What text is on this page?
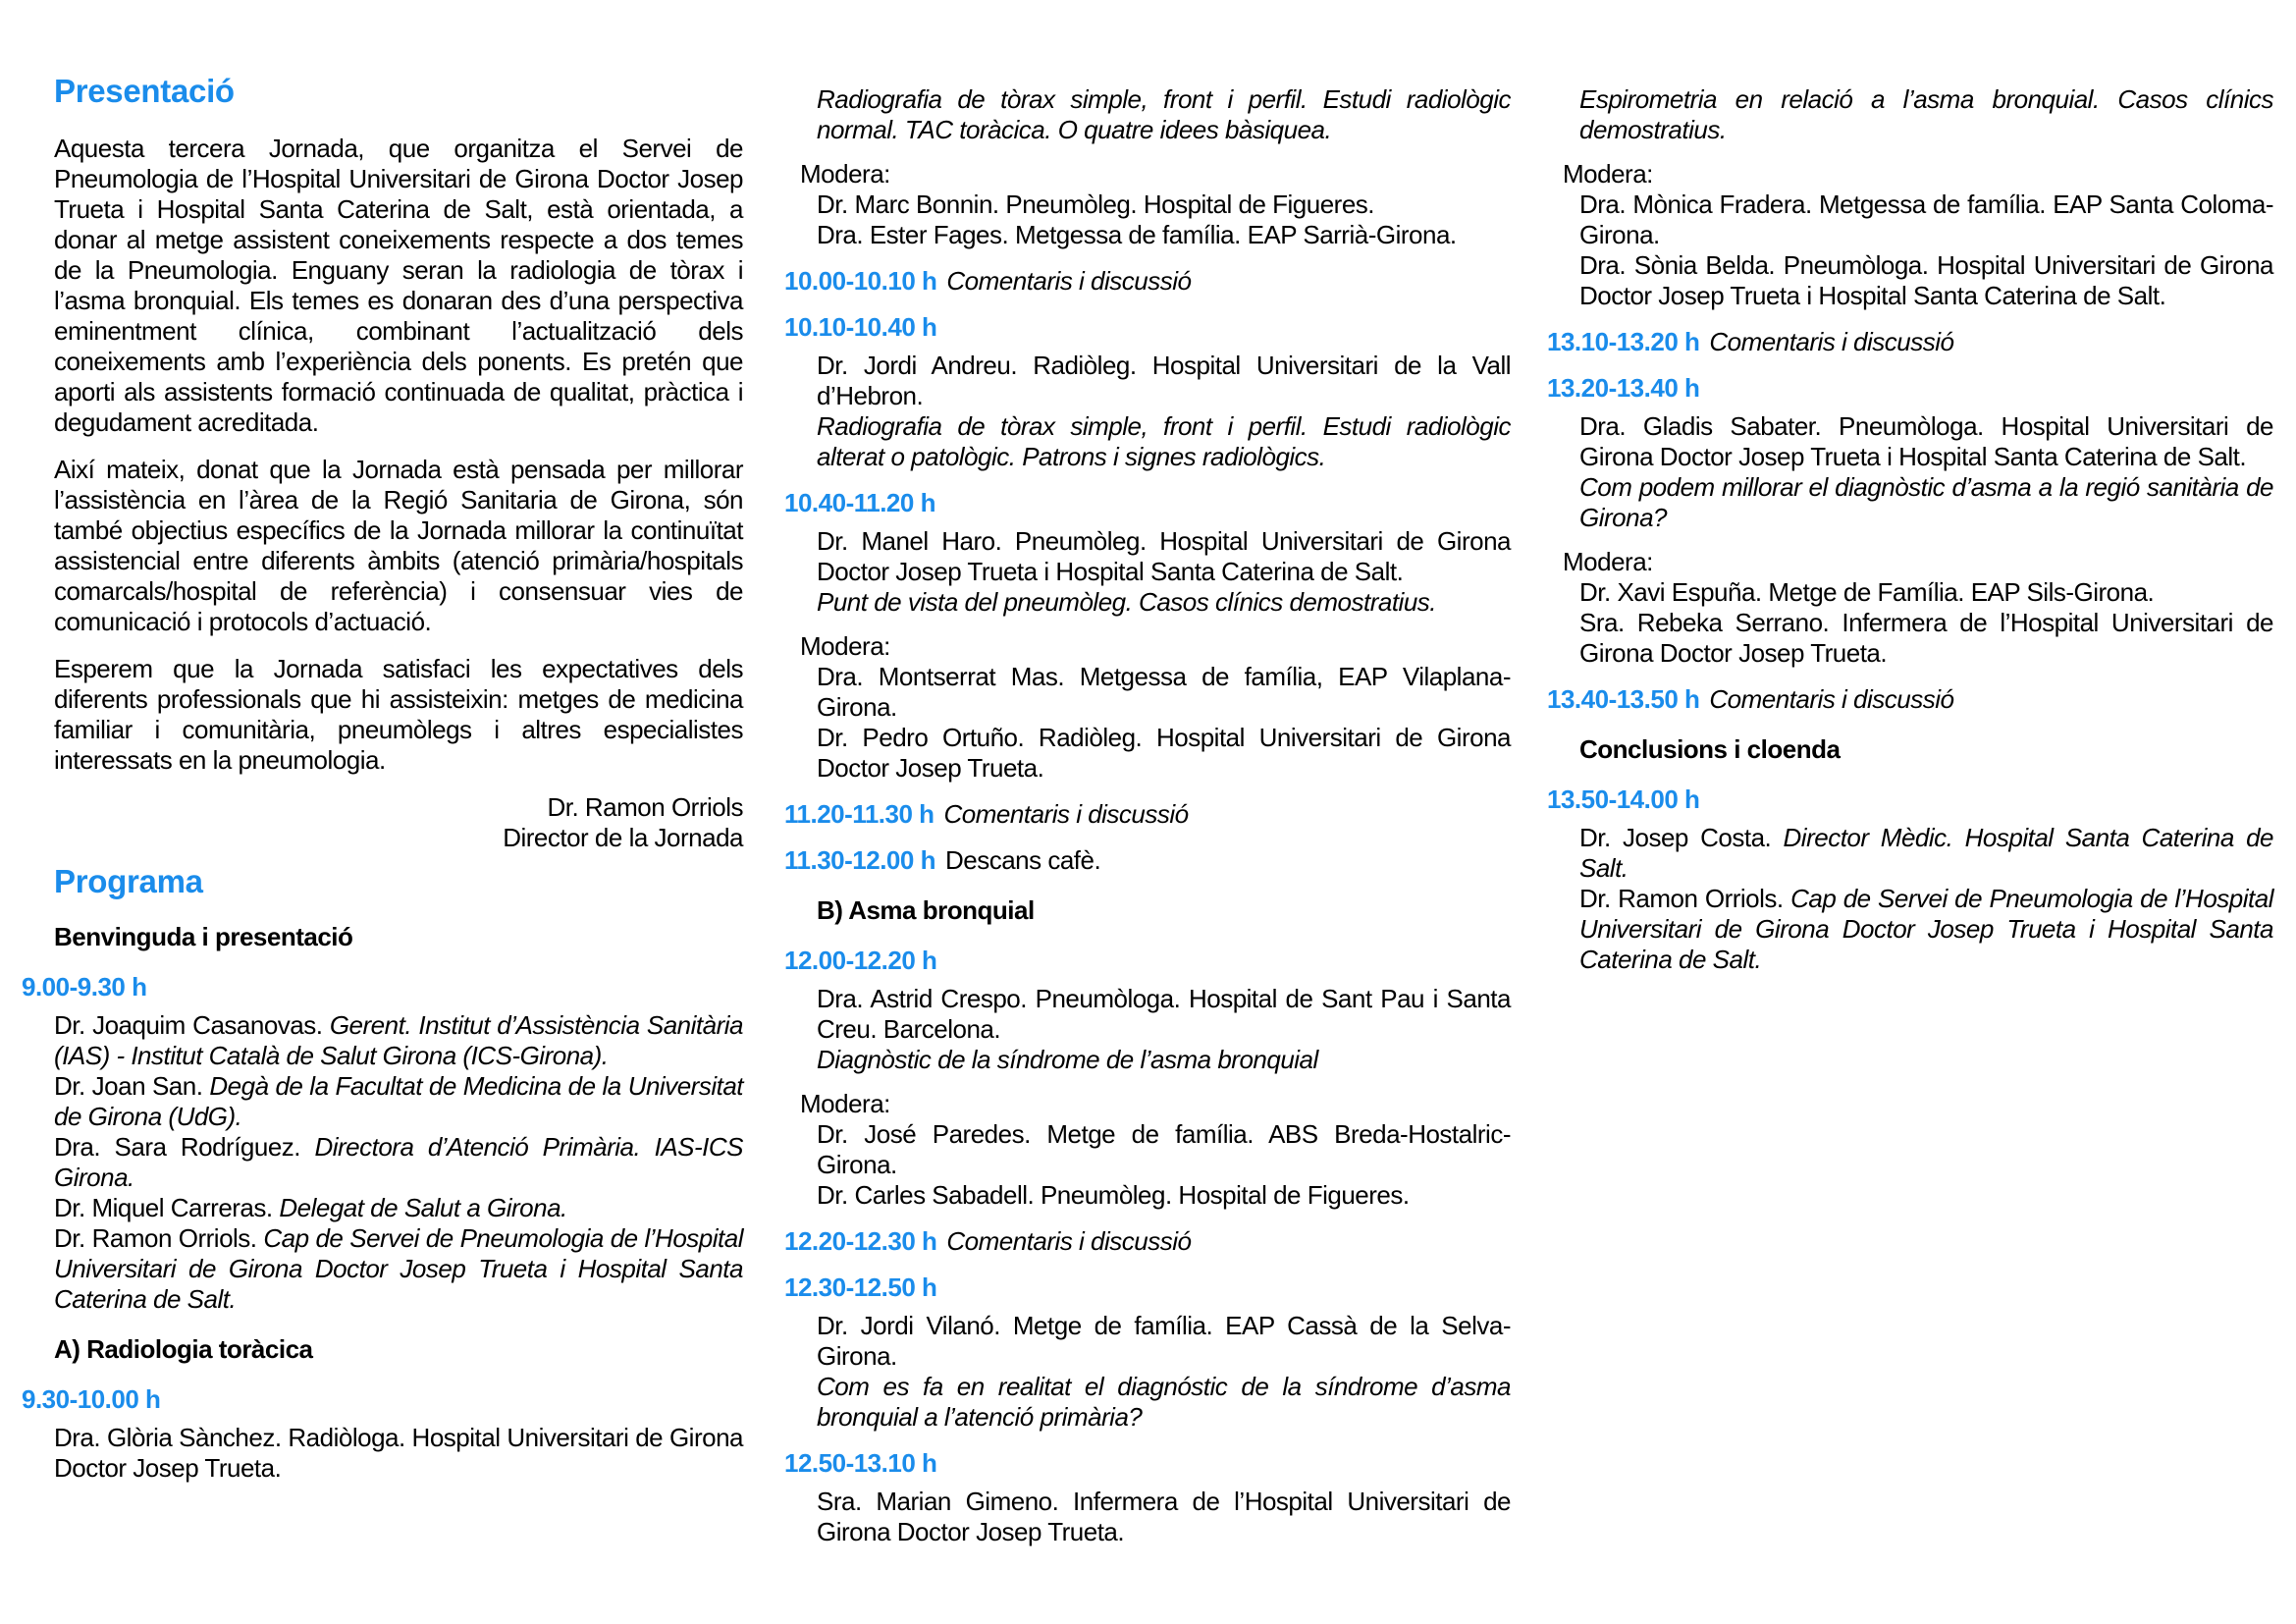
Presentació

Aquesta tercera Jornada, que organitza el Servei de Pneumologia de l’Hospital Universitari de Girona Doctor Josep Trueta i Hospital Santa Caterina de Salt, està orientada, a donar al metge assistent coneixements respecte a dos temes de la Pneumologia. Enguany seran la radiologia de tòrax i l’asma bronquial. Els temes es donaran des d’una perspectiva eminentment clínica, combinant l’actualització dels coneixements amb l’experiència dels ponents. Es pretén que aporti als assistents formació continuada de qualitat, pràctica i degudament acreditada.

Així mateix, donat que la Jornada està pensada per millorar l’assistència en l’àrea de la Regió Sanitaria de Girona, són també objectius específics de la Jornada millorar la continuïtat assistencial entre diferents àmbits (atenció primària/hospitals comarcals/hospital de referència) i consensuar vies de comunicació i protocols d’actuació.

Esperem que la Jornada satisfaci les expectatives dels diferents professionals que hi assisteixin: metges de medicina familiar i comunitària, pneumòlegs i altres especialistes interessats en la pneumologia.

Dr. Ramon Orriols
Director de la Jornada
Programa

Benvinguda i presentació

9.00-9.30 h

Dr. Joaquim Casanovas. Gerent. Institut d’Assistència Sanitària (IAS) - Institut Català de Salut Girona (ICS-Girona).

Dr. Joan San. Degà de la Facultat de Medicina de la Universitat de Girona (UdG).

Dra. Sara Rodríguez. Directora d’Atenció Primària. IAS-ICS Girona.

Dr. Miquel Carreras. Delegat de Salut a Girona.

Dr. Ramon Orriols. Cap de Servei de Pneumologia de l’Hospital Universitari de Girona Doctor Josep Trueta i Hospital Santa Caterina de Salt.

A) Radiologia toràcica

9.30-10.00 h

Dra. Glòria Sànchez. Radiòloga. Hospital Universitari de Girona Doctor Josep Trueta.

Radiografia de tòrax simple, front i perfil. Estudi radiològic normal. TAC toràcica. O quatre idees bàsiquea.

Modera:

Dr. Marc Bonnin. Pneumòleg. Hospital de Figueres.

Dra. Ester Fages. Metgessa de família. EAP Sarrià-Girona.

10.00-10.10 h Comentaris i discussió

10.10-10.40 h

Dr. Jordi Andreu. Radiòleg. Hospital Universitari de la Vall d’Hebron.

Radiografia de tòrax simple, front i perfil. Estudi radiològic alterat o patològic. Patrons i signes radiològics.

10.40-11.20 h

Dr. Manel Haro. Pneumòleg. Hospital Universitari de Girona Doctor Josep Trueta i Hospital Santa Caterina de Salt.

Punt de vista del pneumòleg. Casos clínics demostratius.

Modera:

Dra. Montserrat Mas. Metgessa de família, EAP Vilaplana-Girona.

Dr. Pedro Ortuño. Radiòleg. Hospital Universitari de Girona Doctor Josep Trueta.

11.20-11.30 h Comentaris i discussió

11.30-12.00 h Descans cafè.

B) Asma bronquial

12.00-12.20 h

Dra. Astrid Crespo. Pneumòloga. Hospital de Sant Pau i Santa Creu. Barcelona.

Diagnòstic de la síndrome de l’asma bronquial

Modera:

Dr. José Paredes. Metge de família. ABS Breda-Hostalric-Girona.

Dr. Carles Sabadell. Pneumòleg. Hospital de Figueres.

12.20-12.30 h Comentaris i discussió

12.30-12.50 h

Dr. Jordi Vilanó. Metge de família. EAP Cassà de la Selva-Girona.

Com es fa en realitat el diagnóstic de la síndrome d’asma bronquial a l’atenció primària?

12.50-13.10 h

Sra. Marian Gimeno. Infermera de l’Hospital Universitari de Girona Doctor Josep Trueta.

Espirometria en relació a l’asma bronquial. Casos clínics demostratius.

Modera:

Dra. Mònica Fradera. Metgessa de família. EAP Santa Coloma-Girona.

Dra. Sònia Belda. Pneumòloga. Hospital Universitari de Girona Doctor Josep Trueta i Hospital Santa Caterina de Salt.

13.10-13.20 h Comentaris i discussió

13.20-13.40 h

Dra. Gladis Sabater. Pneumòloga. Hospital Universitari de Girona Doctor Josep Trueta i Hospital Santa Caterina de Salt.

Com podem millorar el diagnòstic d’asma a la regió sanitària de Girona?

Modera:

Dr. Xavi Espuña. Metge de Família. EAP Sils-Girona.

Sra. Rebeka Serrano. Infermera de l’Hospital Universitari de Girona Doctor Josep Trueta.

13.40-13.50 h Comentaris i discussió

Conclusions i cloenda

13.50-14.00 h

Dr. Josep Costa. Director Mèdic. Hospital Santa Caterina de Salt.

Dr. Ramon Orriols. Cap de Servei de Pneumologia de l’Hospital Universitari de Girona Doctor Josep Trueta i Hospital Santa Caterina de Salt.
